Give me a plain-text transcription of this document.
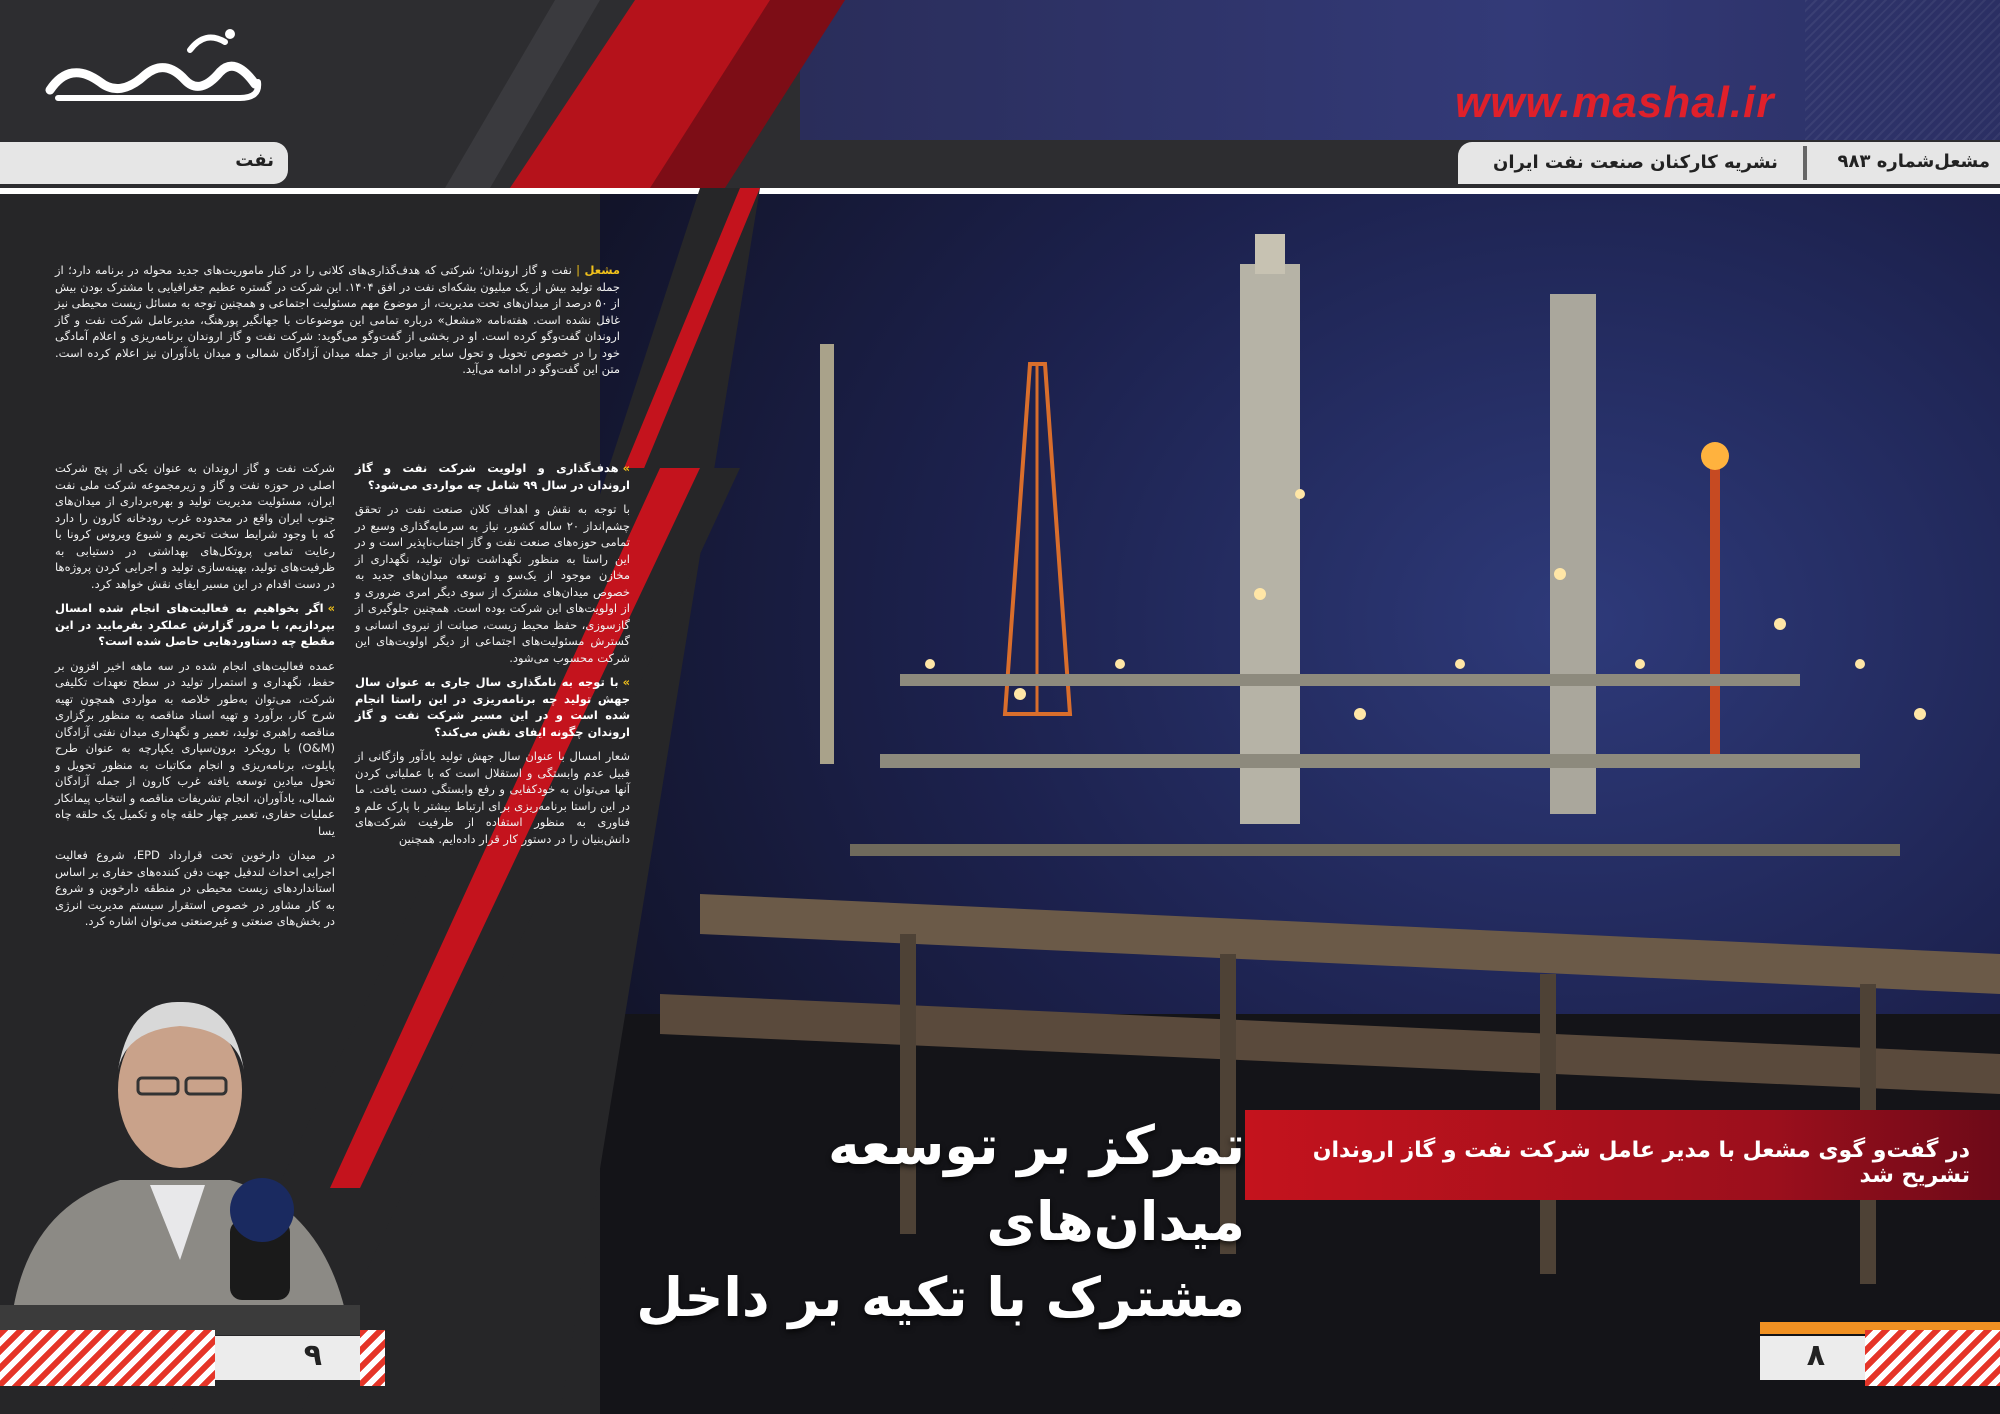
www.mashal.ir
نفت	مشعل‌شماره ۹۸۳
نشریه کارکنان صنعت نفت ایران
مشعل | نفت و گاز اروندان؛ شرکتی که هدف‌گذاری‌های کلانی را در کنار ماموریت‌های جدید محوله در برنامه دارد؛ از جمله تولید بیش از یک میلیون بشکه‌ای نفت در افق ۱۴۰۴. این شرکت در گستره عظیم جغرافیایی با مشترک بودن بیش از ۵۰ درصد از میدان‌های تحت مدیریت، از موضوع مهم مسئولیت اجتماعی و همچنین توجه به مسائل زیست محیطی نیز غافل نشده است. هفته‌نامه «مشعل» درباره تمامی این موضوعات با جهانگیر پورهنگ، مدیرعامل شرکت نفت و گاز اروندان گفت‌وگو کرده است. او در بخشی از گفت‌وگو می‌گوید: شرکت نفت و گاز اروندان برنامه‌ریزی و اعلام آمادگی خود را در خصوص تحویل و تحول سایر میادین از جمله میدان آزادگان شمالی و میدان یادآوران نیز اعلام کرده است. متن این گفت‌وگو در ادامه می‌آید.

»هدف‌گذاری و اولویت شرکت نفت و گاز اروندان در سال ۹۹ شامل چه مواردی می‌شود؟

با توجه به نقش و اهداف کلان صنعت نفت در تحقق چشم‌انداز ۲۰ ساله کشور، نیاز به سرمایه‌گذاری وسیع در تمامی حوزه‌های صنعت نفت و گاز اجتناب‌ناپذیر است و در این راستا به منظور نگهداشت توان تولید، نگهداری از مخازن موجود از یک‌سو و توسعه میدان‌های جدید به خصوص میدان‌های مشترک از سوی دیگر امری ضروری و از اولویت‌های این شرکت بوده است. همچنین جلوگیری از گازسوزی، حفظ محیط زیست، صیانت از نیروی انسانی و گسترش مسئولیت‌های اجتماعی از دیگر اولویت‌های این شرکت محسوب می‌شود.

»با توجه به نامگذاری سال جاری به عنوان سال جهش تولید چه برنامه‌ریزی در این راستا انجام شده است و در این مسیر شرکت نفت و گاز اروندان چگونه ایفای نقش می‌کند؟

شعار امسال با عنوان سال جهش تولید یادآور واژگانی از قبیل عدم وابستگی و استقلال است که با عملیاتی کردن آنها می‌توان به خودکفایی و رفع وابستگی دست یافت. ما در این راستا برنامه‌ریزی برای ارتباط بیشتر با پارک علم و فناوری به منظور استفاده از ظرفیت شرکت‌های دانش‌بنیان را در دستور کار قرار داده‌ایم. همچنین

شرکت نفت و گاز اروندان به عنوان یکی از پنج شرکت اصلی در حوزه نفت و گاز و زیرمجموعه شرکت ملی نفت ایران، مسئولیت مدیریت تولید و بهره‌برداری از میدان‌های جنوب ایران واقع در محدوده غرب رودخانه کارون را دارد که با وجود شرایط سخت تحریم و شیوع ویروس کرونا با رعایت تمامی پروتکل‌های بهداشتی در دستیابی به ظرفیت‌های تولید، بهینه‌سازی تولید و اجرایی کردن پروژه‌ها در دست اقدام در این مسیر ایفای نقش خواهد کرد.

»اگر بخواهیم به فعالیت‌های انجام شده امسال بپردازیم، با مرور گزارش عملکرد بفرمایید در این مقطع چه دستاوردهایی حاصل شده است؟

عمده فعالیت‌های انجام شده در سه ماهه اخیر افزون بر حفظ، نگهداری و استمرار تولید در سطح تعهدات تکلیفی شرکت، می‌توان به‌طور خلاصه به مواردی همچون تهیه شرح کار، برآورد و تهیه اسناد مناقصه به منظور برگزاری مناقصه راهبری تولید، تعمیر و نگهداری میدان نفتی آزادگان (O&M) با رویکرد برون‌سپاری یکپارچه به عنوان طرح پایلوت، برنامه‌ریزی و انجام مکاتبات به منظور تحویل و تحول میادین توسعه یافته غرب کارون از جمله آزادگان شمالی، یادآوران، انجام تشریفات مناقصه و انتخاب پیمانکار عملیات حفاری، تعمیر چهار حلقه چاه و تکمیل یک حلقه چاه یسا

در میدان دارخوین تحت قرارداد EPD، شروع فعالیت اجرایی احداث لندفیل جهت دفن کننده‌های حفاری بر اساس استانداردهای زیست محیطی در منطقه دارخوین و شروع به کار مشاور در خصوص استقرار سیستم مدیریت انرژی در بخش‌های صنعتی و غیرصنعتی می‌توان اشاره کرد.

تمرکز بر توسعه میدان‌های
مشترک با تکیه بر داخل
در گفت‌و گوی مشعل با مدیر عامل شرکت نفت و گاز اروندان تشریح شد
۹	۸
